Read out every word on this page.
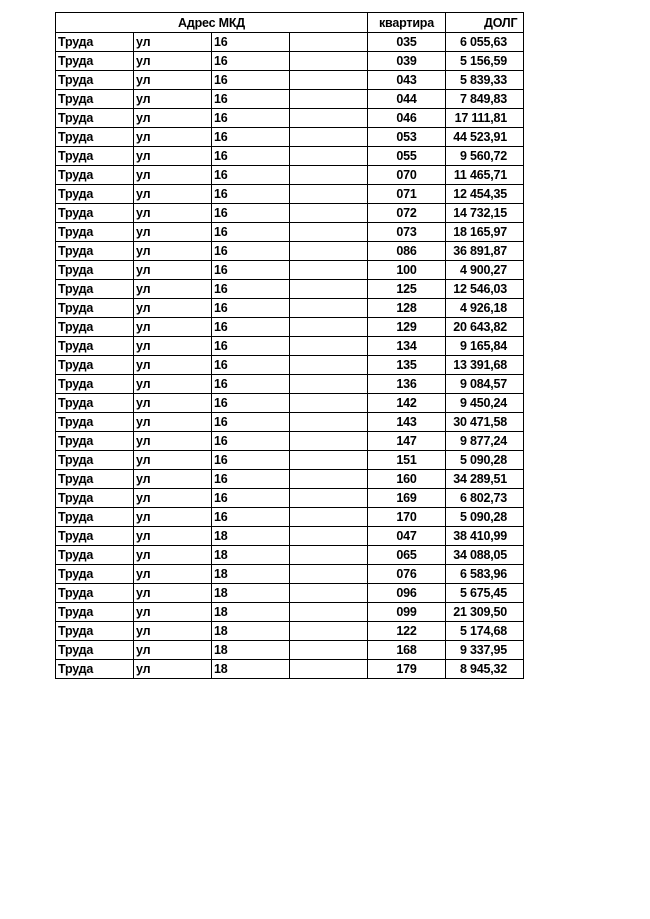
Адрес МКД				квартира	ДОЛГ
Труда	ул	16		035	6 055,63
Труда	ул	16		039	5 156,59
Труда	ул	16		043	5 839,33
Труда	ул	16		044	7 849,83
Труда	ул	16		046	17 111,81
Труда	ул	16		053	44 523,91
Труда	ул	16		055	9 560,72
Труда	ул	16		070	11 465,71
Труда	ул	16		071	12 454,35
Труда	ул	16		072	14 732,15
Труда	ул	16		073	18 165,97
Труда	ул	16		086	36 891,87
Труда	ул	16		100	4 900,27
Труда	ул	16		125	12 546,03
Труда	ул	16		128	4 926,18
Труда	ул	16		129	20 643,82
Труда	ул	16		134	9 165,84
Труда	ул	16		135	13 391,68
Труда	ул	16		136	9 084,57
Труда	ул	16		142	9 450,24
Труда	ул	16		143	30 471,58
Труда	ул	16		147	9 877,24
Труда	ул	16		151	5 090,28
Труда	ул	16		160	34 289,51
Труда	ул	16		169	6 802,73
Труда	ул	16		170	5 090,28
Труда	ул	18		047	38 410,99
Труда	ул	18		065	34 088,05
Труда	ул	18		076	6 583,96
Труда	ул	18		096	5 675,45
Труда	ул	18		099	21 309,50
Труда	ул	18		122	5 174,68
Труда	ул	18		168	9 337,95
Труда	ул	18		179	8 945,32
